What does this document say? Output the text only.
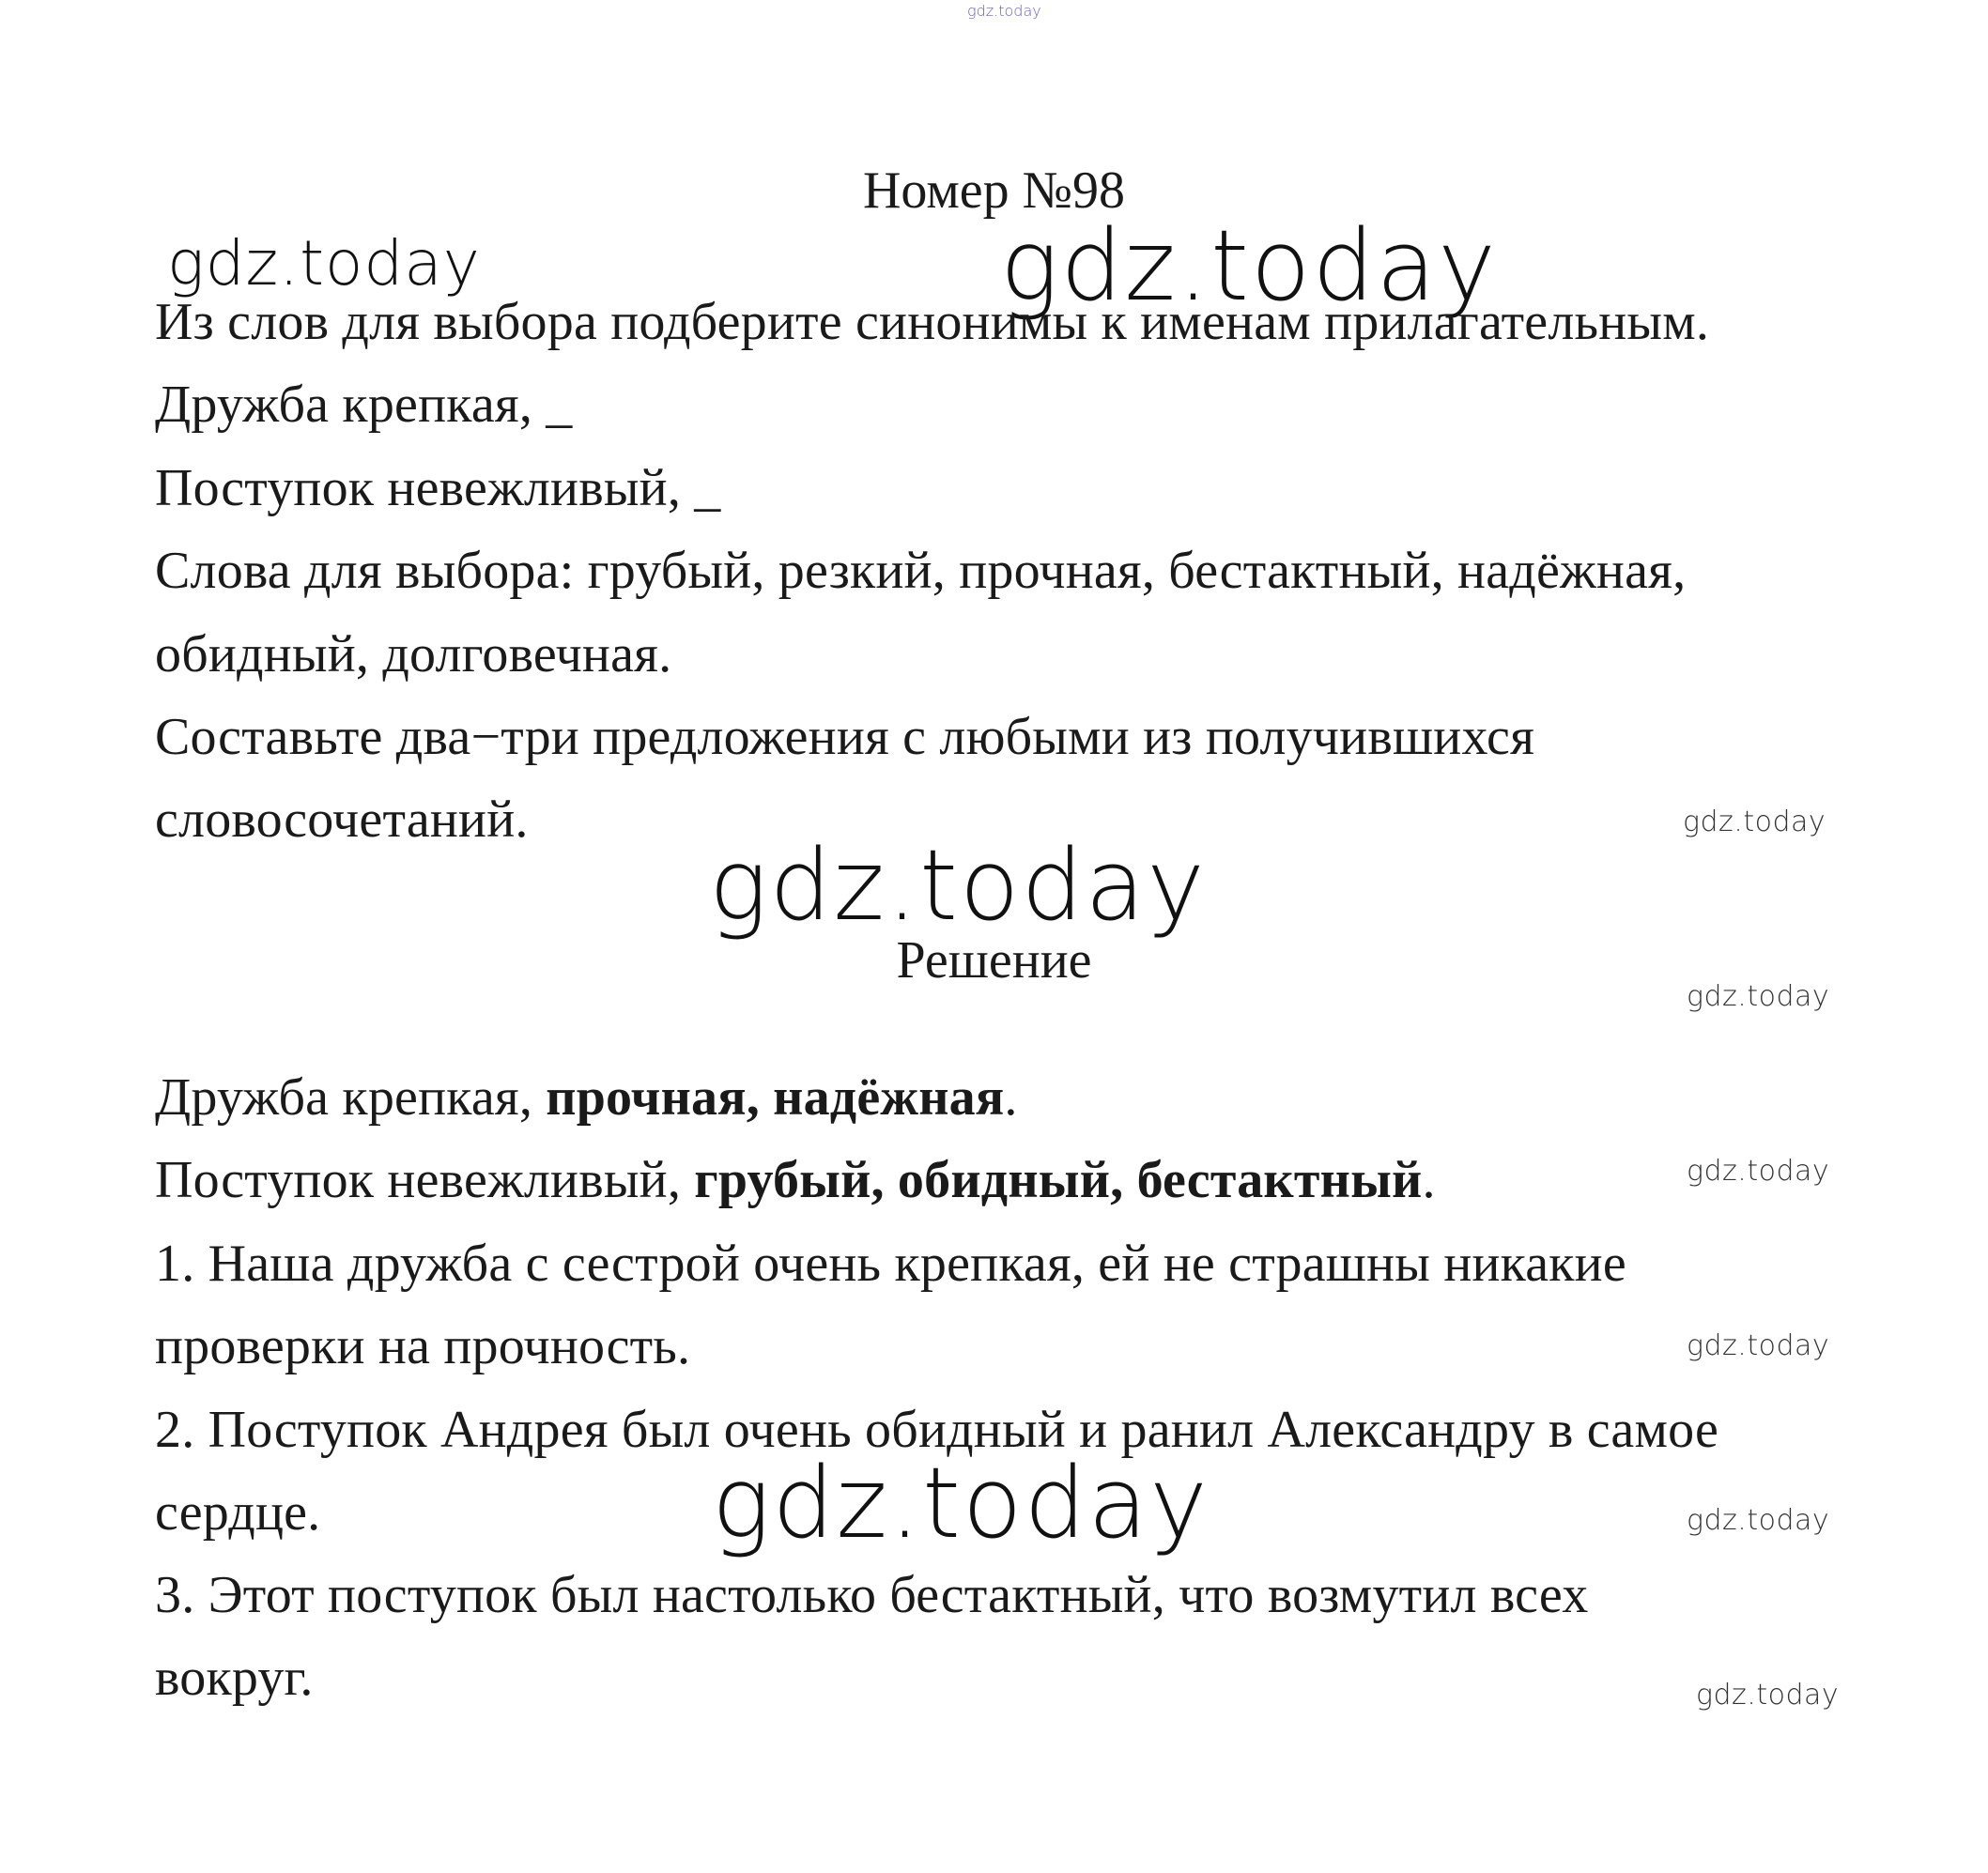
gdz.today
gdz.today	gdz.today
gdz.today
gdz.today
gdz.today
gdz.today
gdz.today
gdz.today	gdz.today
gdz.today
Номер №98
Из слов для выбора подберите синонимы к именам прилагательным.
Дружба крепкая, _
Поступок невежливый, _
Слова для выбора: грубый, резкий, прочная, бестактный, надёжная,
обидный, долговечная.
Составьте два−три предложения с любыми из получившихся
словосочетаний.
Решение
Дружба крепкая, прочная, надёжная.
Поступок невежливый, грубый, обидный, бестактный.
1. Наша дружба с сестрой очень крепкая, ей не страшны никакие
проверки на прочность.
2. Поступок Андрея был очень обидный и ранил Александру в самое
сердце.
3. Этот поступок был настолько бестактный, что возмутил всех
вокруг.
